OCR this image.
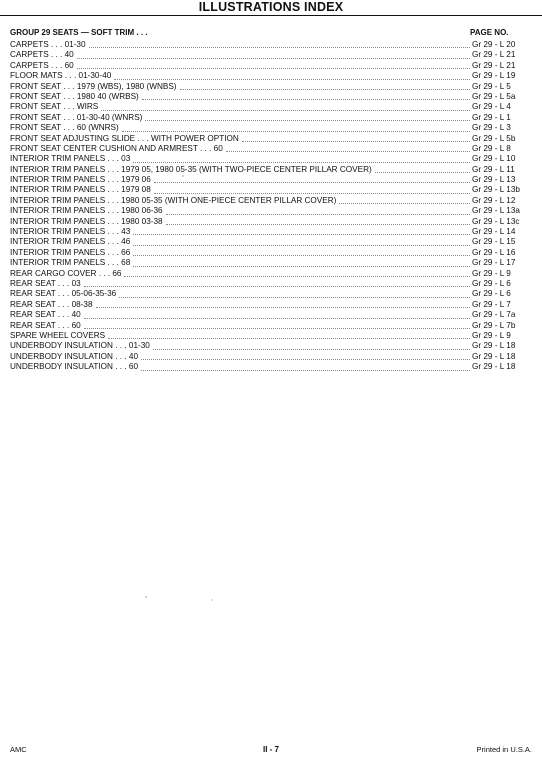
ILLUSTRATIONS INDEX
GROUP 29 SEATS — SOFT TRIM . . .	PAGE NO.
CARPETS . . . 01-30	Gr 29 - L 20
CARPETS . . . 40	Gr 29 - L 21
CARPETS . . . 60	Gr 29 - L 21
FLOOR MATS . . . 01-30-40	Gr 29 - L 19
FRONT SEAT . . . 1979 (WBS), 1980 (WNBS)	Gr 29 - L 5
FRONT SEAT . . . 1980 40 (WRBS)	Gr 29 - L 5a
FRONT SEAT . . . WIRS	Gr 29 - L 4
FRONT SEAT . . . 01-30-40 (WNRS)	Gr 29 - L 1
FRONT SEAT . . . 60 (WNRS)	Gr 29 - L 3
FRONT SEAT ADJUSTING SLIDE . . . WITH POWER OPTION	Gr 29 - L 5b
FRONT SEAT CENTER CUSHION AND ARMREST . . . 60	Gr 29 - L 8
INTERIOR TRIM PANELS . . . 03	Gr 29 - L 10
INTERIOR TRIM PANELS . . . 1979 05, 1980 05-35 (WITH TWO-PIECE CENTER PILLAR COVER)	Gr 29 - L 11
INTERIOR TRIM PANELS . . . 1979 06	Gr 29 - L 13
INTERIOR TRIM PANELS . . . 1979 08	Gr 29 - L 13b
INTERIOR TRIM PANELS . . . 1980 05-35 (WITH ONE-PIECE CENTER PILLAR COVER)	Gr 29 - L 12
INTERIOR TRIM PANELS . . . 1980 06-36	Gr 29 - L 13a
INTERIOR TRIM PANELS . . . 1980 03-38	Gr 29 - L 13c
INTERIOR TRIM PANELS . . . 43	Gr 29 - L 14
INTERIOR TRIM PANELS . . . 46	Gr 29 - L 15
INTERIOR TRIM PANELS . . . 66	Gr 29 - L 16
INTERIOR TRIM PANELS . . . 68	Gr 29 - L 17
REAR CARGO COVER . . . 66	Gr 29 - L 9
REAR SEAT . . . 03	Gr 29 - L 6
REAR SEAT . . . 05-06-35-36	Gr 29 - L 6
REAR SEAT . . . 08-38	Gr 29 - L 7
REAR SEAT . . . 40	Gr 29 - L 7a
REAR SEAT . . . 60	Gr 29 - L 7b
SPARE WHEEL COVERS	Gr 29 - L 9
UNDERBODY INSULATION . . . 01-30	Gr 29 - L 18
UNDERBODY INSULATION . . . 40	Gr 29 - L 18
UNDERBODY INSULATION . . . 60	Gr 29 - L 18
AMC	II - 7	Printed in U.S.A.
